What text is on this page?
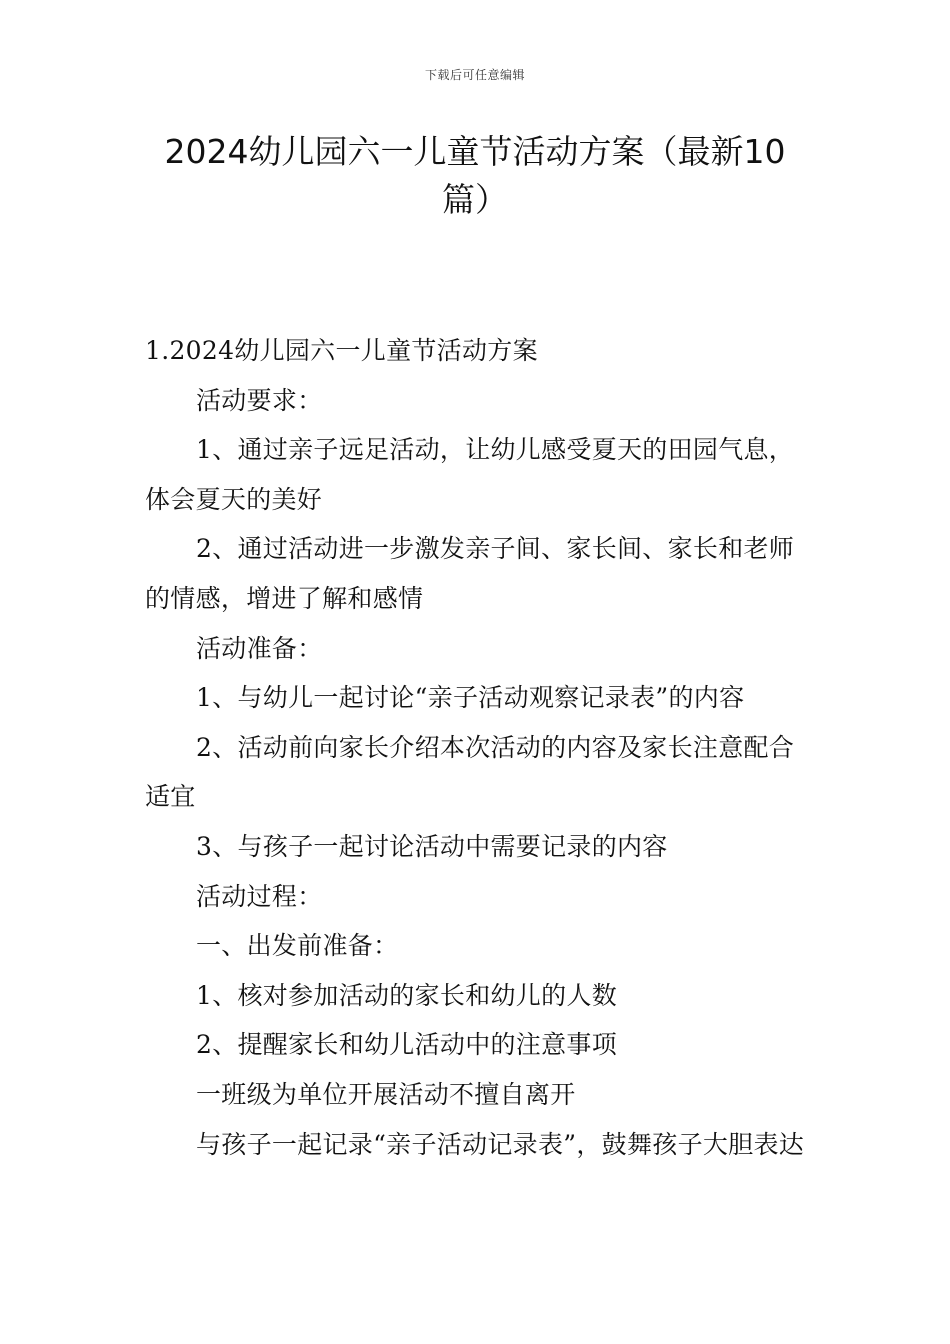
下载后可任意编辑
2024幼儿园六一儿童节活动方案（最新10篇）

1.2024幼儿园六一儿童节活动方案

活动要求：

1、通过亲子远足活动，让幼儿感受夏天的田园气息，体会夏天的美好

2、通过活动进一步激发亲子间、家长间、家长和老师的情感，增进了解和感情

活动准备：

1、与幼儿一起讨论“亲子活动观察记录表”的内容

2、活动前向家长介绍本次活动的内容及家长注意配合适宜

3、与孩子一起讨论活动中需要记录的内容

活动过程：

一、出发前准备：

1、核对参加活动的家长和幼儿的人数

2、提醒家长和幼儿活动中的注意事项

一班级为单位开展活动不擅自离开

与孩子一起记录“亲子活动记录表”，鼓舞孩子大胆表达
